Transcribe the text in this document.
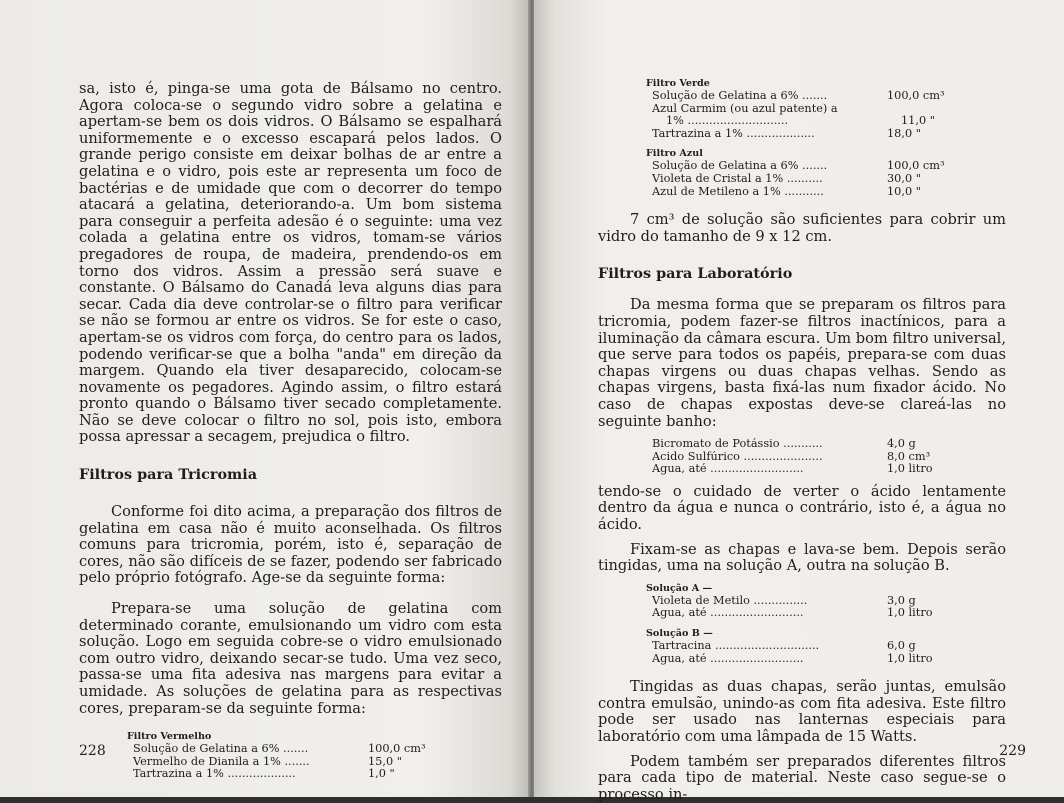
sa, isto é, pinga-se uma gota de Bálsamo no centro. Agora coloca-se o segundo vidro sobre a gelatina e apertam-se bem os dois vidros. O Bálsamo se espalhará uniformemente e o excesso escapará pelos lados. O grande perigo consiste em deixar bolhas de ar entre a gelatina e o vidro, pois este ar representa um foco de bactérias e de umidade que com o decorrer do tempo atacará a gelatina, deteriorando-a. Um bom sistema para conseguir a perfeita adesão é o seguinte: uma vez colada a gelatina entre os vidros, tomam-se vários pregadores de roupa, de madeira, prendendo-os em torno dos vidros. Assim a pressão será suave e constante. O Bálsamo do Canadá leva alguns dias para secar. Cada dia deve controlar-se o filtro para verificar se não se formou ar entre os vidros. Se for este o caso, apertam-se os vidros com força, do centro para os lados, podendo verificar-se que a bolha "anda" em direção da margem. Quando ela tiver desaparecido, colocam-se novamente os pegadores. Agindo assim, o filtro estará pronto quando o Bálsamo tiver secado completamente. Não se deve colocar o filtro no sol, pois isto, embora possa apressar a secagem, prejudica o filtro.

Filtros para Tricromia

Conforme foi dito acima, a preparação dos filtros de gelatina em casa não é muito aconselhada. Os filtros comuns para tricromia, porém, isto é, separação de cores, não são difíceis de se fazer, podendo ser fabricado pelo próprio fotógrafo. Age-se da seguinte forma:

Prepara-se uma solução de gelatina com determinado corante, emulsionando um vidro com esta solução. Logo em seguida cobre-se o vidro emulsionado com outro vidro, deixando secar-se tudo. Uma vez seco, passa-se uma fita adesiva nas margens para evitar a umidade. As soluções de gelatina para as respectivas cores, preparam-se da seguinte forma:

Filtro Vermelho
Solução de Gelatina a 6% .......	100,0 cm³
Vermelho de Dianila a 1% .......	15,0 "
Tartrazina a 1% ...................	1,0 "
228
Filtro Verde
Solução de Gelatina a 6% .......	100,0 cm³
Azul Carmim (ou azul patente) a
1% ............................	11,0 "
Tartrazina a 1% ...................	18,0 "
Filtro Azul
Solução de Gelatina a 6% .......	100,0 cm³
Violeta de Cristal a 1% ..........	30,0 "
Azul de Metileno a 1% ...........	10,0 "

7 cm³ de solução são suficientes para cobrir um vidro do tamanho de 9 x 12 cm.

Filtros para Laboratório

Da mesma forma que se preparam os filtros para tricromia, podem fazer-se filtros inactínicos, para a iluminação da câmara escura. Um bom filtro universal, que serve para todos os papéis, prepara-se com duas chapas virgens ou duas chapas velhas. Sendo as chapas virgens, basta fixá-las num fixador ácido. No caso de chapas expostas deve-se clareá-las no seguinte banho:

Bicromato de Potássio ...........	4,0 g
Acido Sulfúrico ......................	8,0 cm³
Água, até ..........................	1,0 litro

tendo-se o cuidado de verter o ácido lentamente dentro da água e nunca o contrário, isto é, a água no ácido.

Fixam-se as chapas e lava-se bem. Depois serão tingidas, uma na solução A, outra na solução B.

Solução A —
Violeta de Metilo ...............	3,0 g
Água, até ..........................	1,0 litro
Solução B —
Tartracina .............................	6,0 g
Água, até ..........................	1,0 litro

Tingidas as duas chapas, serão juntas, emulsão contra emulsão, unindo-as com fita adesiva. Este filtro pode ser usado nas lanternas especiais para laboratório com uma lâmpada de 15 Watts.

Podem também ser preparados diferentes filtros para cada tipo de material. Neste caso segue-se o processo in-

229
